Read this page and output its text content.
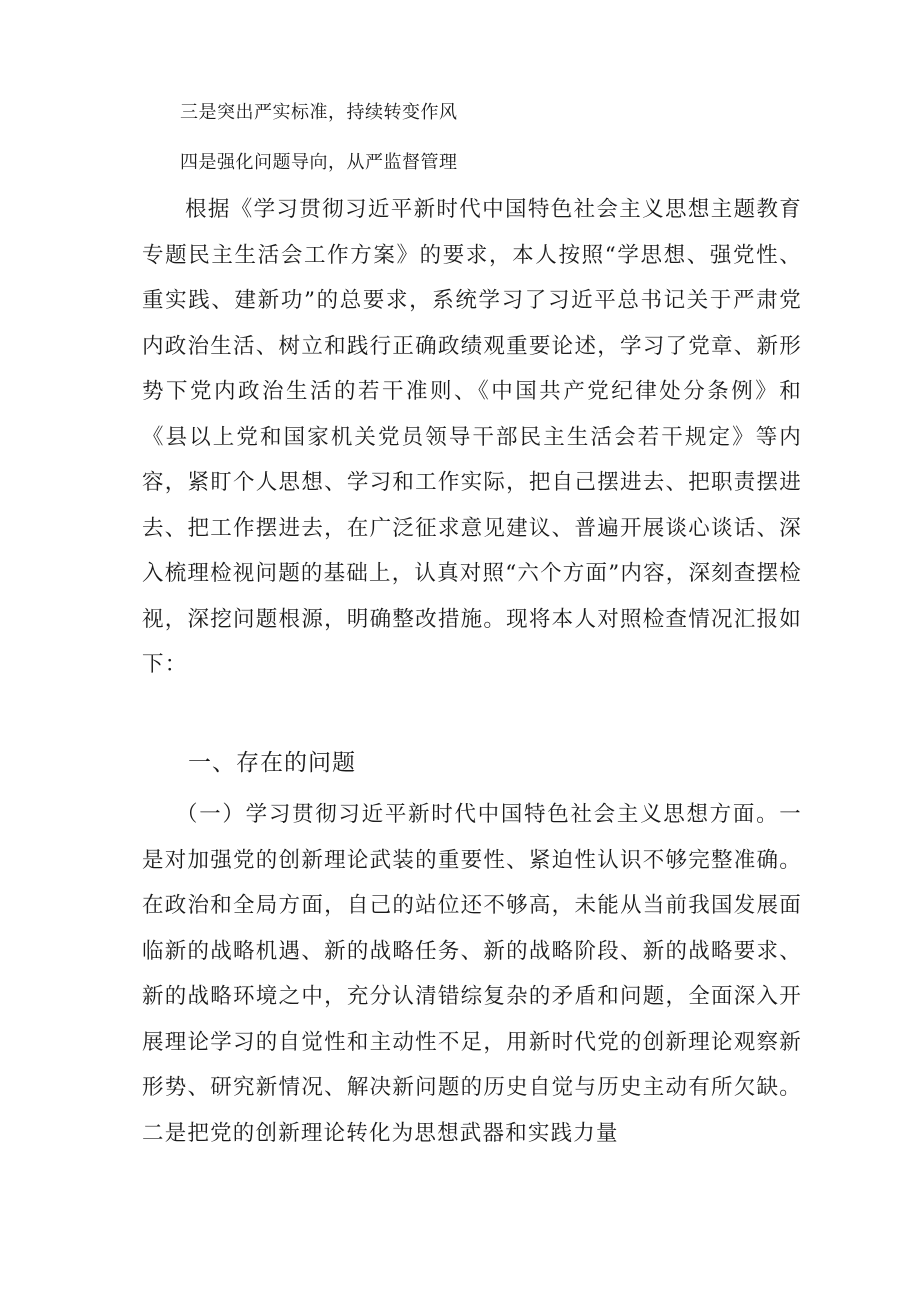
三是突出严实标准，持续转变作风
四是强化问题导向，从严监督管理

根据《学习贯彻习近平新时代中国特色社会主义思想主题教育专题民主生活会工作方案》的要求，本人按照“学思想、强党性、重实践、建新功”的总要求，系统学习了习近平总书记关于严肃党内政治生活、树立和践行正确政绩观重要论述，学习了党章、新形势下党内政治生活的若干准则、《中国共产党纪律处分条例》和《县以上党和国家机关党员领导干部民主生活会若干规定》等内容，紧盯个人思想、学习和工作实际，把自己摆进去、把职责摆进去、把工作摆进去，在广泛征求意见建议、普遍开展谈心谈话、深入梳理检视问题的基础上，认真对照“六个方面”内容，深刻查摆检视，深挖问题根源，明确整改措施。现将本人对照检查情况汇报如下：

一、存在的问题

（一）学习贯彻习近平新时代中国特色社会主义思想方面。一是对加强党的创新理论武装的重要性、紧迫性认识不够完整准确。在政治和全局方面，自己的站位还不够高，未能从当前我国发展面临新的战略机遇、新的战略任务、新的战略阶段、新的战略要求、新的战略环境之中，充分认清错综复杂的矛盾和问题，全面深入开展理论学习的自觉性和主动性不足，用新时代党的创新理论观察新形势、研究新情况、解决新问题的历史自觉与历史主动有所欠缺。二是把党的创新理论转化为思想武器和实践力量
